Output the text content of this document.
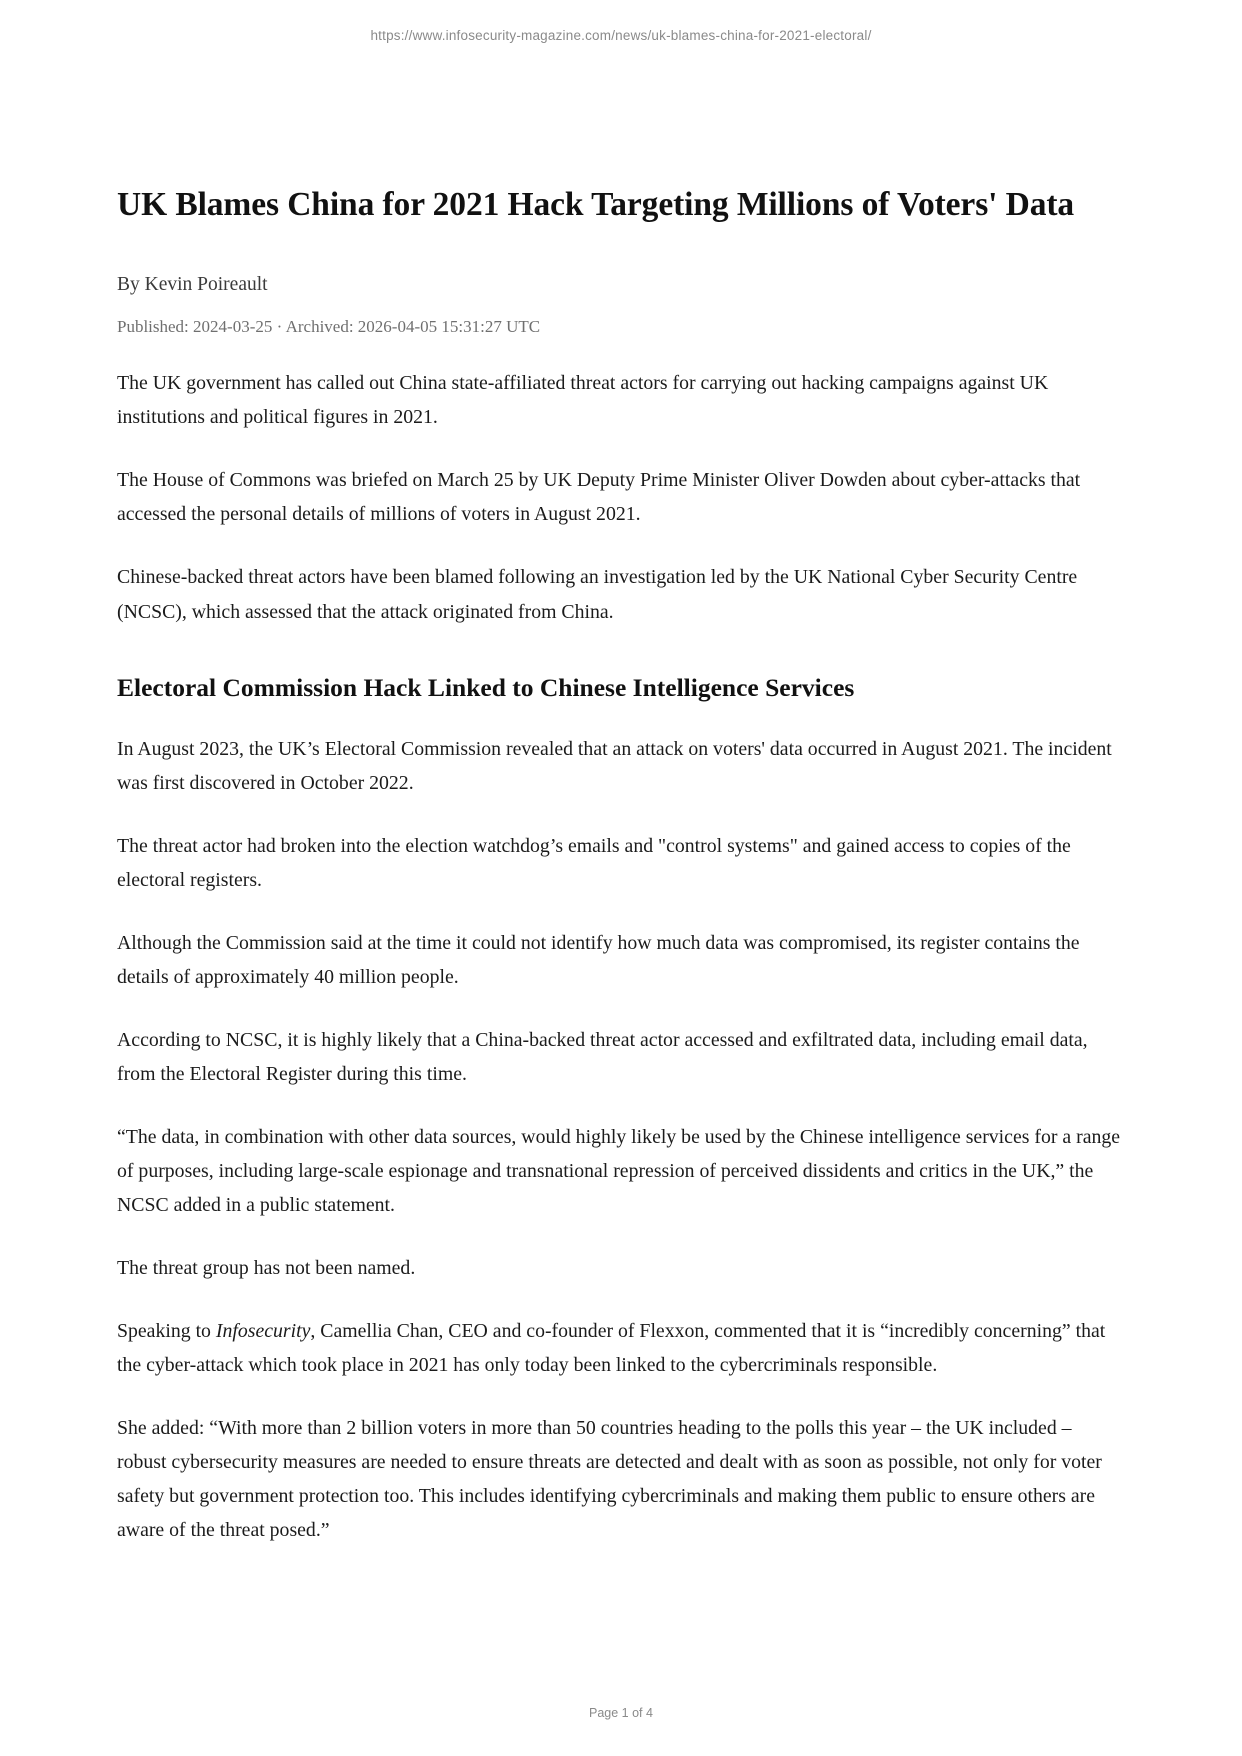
https://www.infosecurity-magazine.com/news/uk-blames-china-for-2021-electoral/
UK Blames China for 2021 Hack Targeting Millions of Voters' Data
By Kevin Poireault
Published: 2024-03-25 · Archived: 2026-04-05 15:31:27 UTC

The UK government has called out China state-affiliated threat actors for carrying out hacking campaigns against UK institutions and political figures in 2021.

The House of Commons was briefed on March 25 by UK Deputy Prime Minister Oliver Dowden about cyber-attacks that accessed the personal details of millions of voters in August 2021.

Chinese-backed threat actors have been blamed following an investigation led by the UK National Cyber Security Centre (NCSC), which assessed that the attack originated from China.

Electoral Commission Hack Linked to Chinese Intelligence Services

In August 2023, the UK’s Electoral Commission revealed that an attack on voters' data occurred in August 2021. The incident was first discovered in October 2022.

The threat actor had broken into the election watchdog’s emails and "control systems" and gained access to copies of the electoral registers.

Although the Commission said at the time it could not identify how much data was compromised, its register contains the details of approximately 40 million people.

According to NCSC, it is highly likely that a China-backed threat actor accessed and exfiltrated data, including email data, from the Electoral Register during this time.

“The data, in combination with other data sources, would highly likely be used by the Chinese intelligence services for a range of purposes, including large-scale espionage and transnational repression of perceived dissidents and critics in the UK,” the NCSC added in a public statement.

The threat group has not been named.

Speaking to Infosecurity, Camellia Chan, CEO and co-founder of Flexxon, commented that it is “incredibly concerning” that the cyber-attack which took place in 2021 has only today been linked to the cybercriminals responsible.

She added: “With more than 2 billion voters in more than 50 countries heading to the polls this year – the UK included – robust cybersecurity measures are needed to ensure threats are detected and dealt with as soon as possible, not only for voter safety but government protection too. This includes identifying cybercriminals and making them public to ensure others are aware of the threat posed.”

Page 1 of 4
